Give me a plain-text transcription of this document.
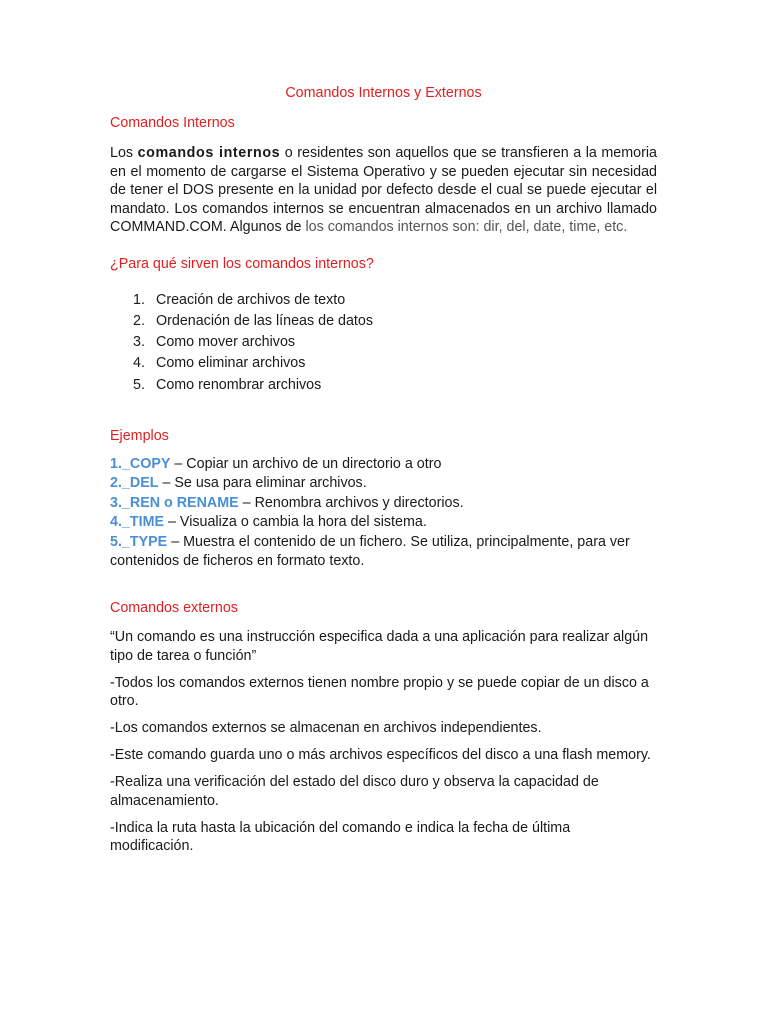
Comandos Internos y Externos

Comandos Internos

Los comandos internos o residentes son aquellos que se transfieren a la memoria en el momento de cargarse el Sistema Operativo y se pueden ejecutar sin necesidad de tener el DOS presente en la unidad por defecto desde el cual se puede ejecutar el mandato. Los comandos internos se encuentran almacenados en un archivo llamado COMMAND.COM. Algunos de los comandos internos son: dir, del, date, time, etc.

¿Para qué sirven los comandos internos?

1. Creación de archivos de texto
2. Ordenación de las líneas de datos
3. Como mover archivos
4. Como eliminar archivos
5. Como renombrar archivos

Ejemplos

1._COPY – Copiar un archivo de un directorio a otro

2._DEL – Se usa para eliminar archivos.

3._REN o RENAME – Renombra archivos y directorios.

4._TIME – Visualiza o cambia la hora del sistema.

5._TYPE – Muestra el contenido de un fichero. Se utiliza, principalmente, para ver contenidos de ficheros en formato texto.

Comandos externos

“Un comando es una instrucción especifica dada a una aplicación para realizar algún tipo de tarea o función”

-Todos los comandos externos tienen nombre propio y se puede copiar de un disco a otro.

-Los comandos externos se almacenan en archivos independientes.

-Este comando guarda uno o más archivos específicos del disco a una flash memory.

-Realiza una verificación del estado del disco duro y observa la capacidad de almacenamiento.

-Indica la ruta hasta la ubicación del comando e indica la fecha de última modificación.
